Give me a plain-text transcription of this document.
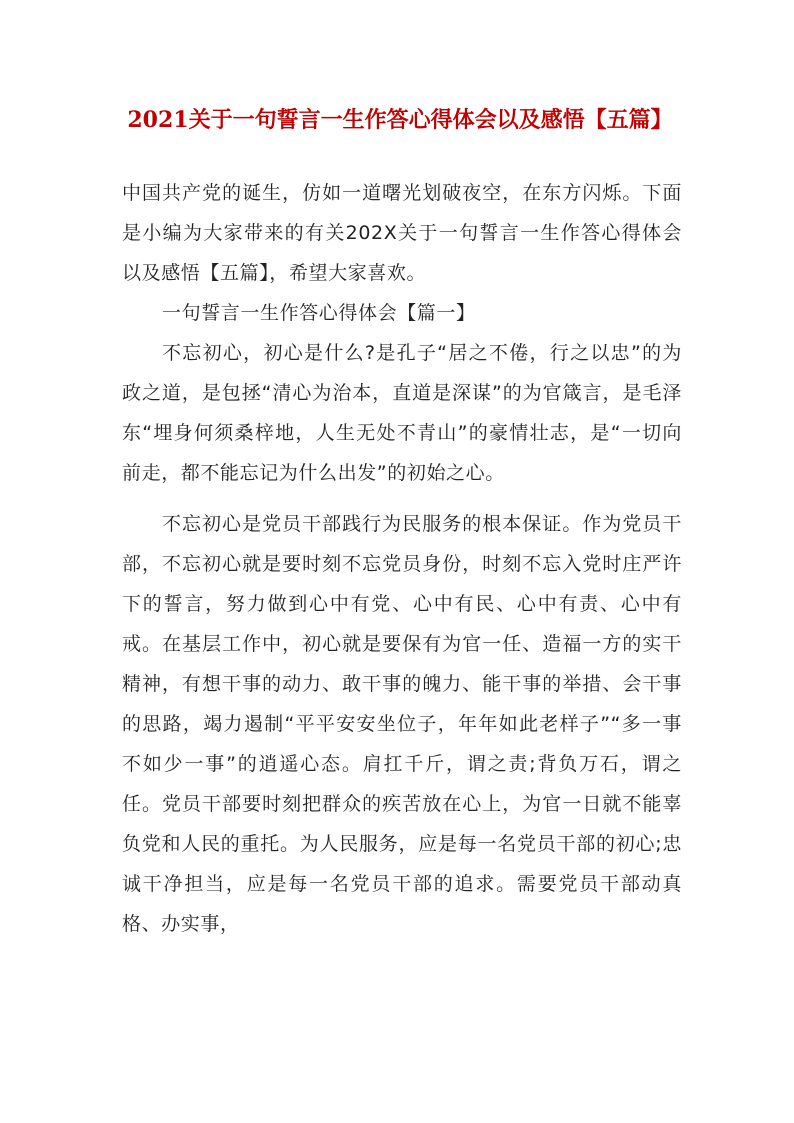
2021关于一句誓言一生作答心得体会以及感悟【五篇】

中国共产党的诞生，仿如一道曙光划破夜空，在东方闪烁。下面是小编为大家带来的有关202X关于一句誓言一生作答心得体会以及感悟【五篇】，希望大家喜欢。

一句誓言一生作答心得体会【篇一】

不忘初心，初心是什么?是孔子“居之不倦，行之以忠”的为政之道，是包拯“清心为治本，直道是深谋”的为官箴言，是毛泽东“埋身何须桑梓地，人生无处不青山”的豪情壮志，是“一切向前走，都不能忘记为什么出发”的初始之心。

不忘初心是党员干部践行为民服务的根本保证。作为党员干部，不忘初心就是要时刻不忘党员身份，时刻不忘入党时庄严许下的誓言，努力做到心中有党、心中有民、心中有责、心中有戒。在基层工作中，初心就是要保有为官一任、造福一方的实干精神，有想干事的动力、敢干事的魄力、能干事的举措、会干事的思路，竭力遏制“平平安安坐位子，年年如此老样子”“多一事不如少一事”的逍遥心态。肩扛千斤，谓之责;背负万石，谓之任。党员干部要时刻把群众的疾苦放在心上，为官一日就不能辜负党和人民的重托。为人民服务，应是每一名党员干部的初心;忠诚干净担当，应是每一名党员干部的追求。需要党员干部动真格、办实事，
